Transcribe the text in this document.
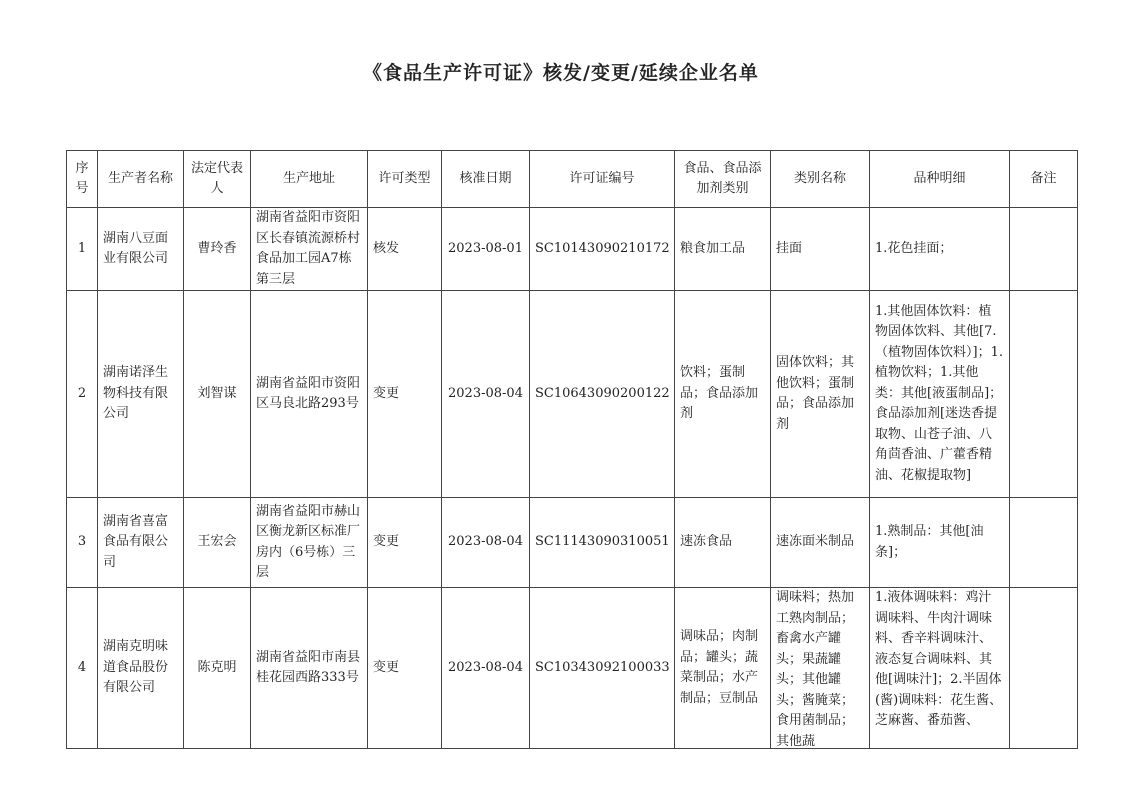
《食品生产许可证》核发/变更/延续企业名单
序号	生产者名称	法定代表人	生产地址	许可类型	核准日期	许可证编号	食品、食品添加剂类别	类别名称	品种明细	备注
1	湖南八豆面业有限公司	曹玲香	湖南省益阳市资阳区长春镇流源桥村食品加工园A7栋第三层	核发	2023-08-01	SC10143090210172	粮食加工品	挂面	1.花色挂面；	
2	湖南诺泽生物科技有限公司	刘智谋	湖南省益阳市资阳区马良北路293号	变更	2023-08-04	SC10643090200122	饮料；蛋制品；食品添加剂	固体饮料；其他饮料；蛋制品；食品添加剂	1.其他固体饮料：植物固体饮料、其他[7.（植物固体饮料）]；1.植物饮料；1.其他类：其他[液蛋制品]；食品添加剂[迷迭香提取物、山苍子油、八角茴香油、广藿香精油、花椒提取物]	
3	湖南省喜富食品有限公司	王宏会	湖南省益阳市赫山区衡龙新区标准厂房内（6号栋）三层	变更	2023-08-04	SC11143090310051	速冻食品	速冻面米制品	1.熟制品：其他[油条]；	
4	湖南克明味道食品股份有限公司	陈克明	湖南省益阳市南县桂花园西路333号	变更	2023-08-04	SC10343092100033	调味品；肉制品；罐头；蔬菜制品；水产制品；豆制品	调味料；热加工熟肉制品；畜禽水产罐头；果蔬罐头；其他罐头；酱腌菜；食用菌制品；其他蔬	1.液体调味料：鸡汁调味料、牛肉汁调味料、香辛料调味汁、液态复合调味料、其他[调味汁]；2.半固体(酱)调味料：花生酱、芝麻酱、番茄酱、	
